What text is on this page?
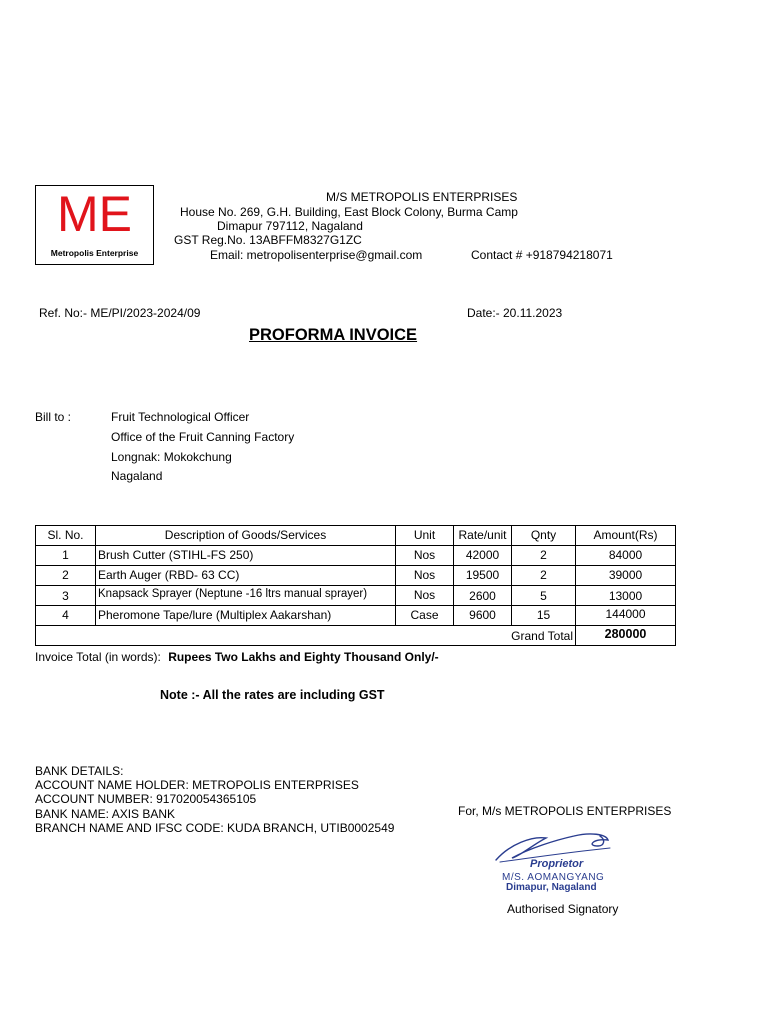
ME
Metropolis Enterprise
M/S METROPOLIS ENTERPRISES
House No. 269, G.H. Building, East Block Colony, Burma Camp
Dimapur 797112, Nagaland
GST Reg.No. 13ABFFM8327G1ZC
Email: metropolisenterprise@gmail.com	Contact # +918794218071
Ref. No:- ME/PI/2023-2024/09	Date:- 20.11.2023
PROFORMA INVOICE
Bill to :	Fruit Technological Officer
Office of the Fruit Canning Factory
Longnak: Mokokchung
Nagaland
Sl. No.	Description of Goods/Services	Unit	Rate/unit	Qnty	Amount(Rs)
1	Brush Cutter (STIHL-FS 250)	Nos	42000	2	84000
2	Earth Auger (RBD- 63 CC)	Nos	19500	2	39000
3	Knapsack Sprayer (Neptune -16 ltrs manual sprayer)	Nos	2600	5	13000
4	Pheromone Tape/lure (Multiplex Aakarshan)	Case	9600	15	144000
Grand Total					280000
Invoice Total (in words): Rupees Two Lakhs and Eighty Thousand Only/-
Note :- All the rates are including GST
BANK DETAILS:
ACCOUNT NAME HOLDER: METROPOLIS ENTERPRISES
ACCOUNT NUMBER: 917020054365105
BANK NAME: AXIS BANK
BRANCH NAME AND IFSC CODE: KUDA BRANCH, UTIB0002549
For, M/s METROPOLIS ENTERPRISES
Proprietor
M/S. AOMANGYANG
Dimapur, Nagaland
Authorised Signatory
